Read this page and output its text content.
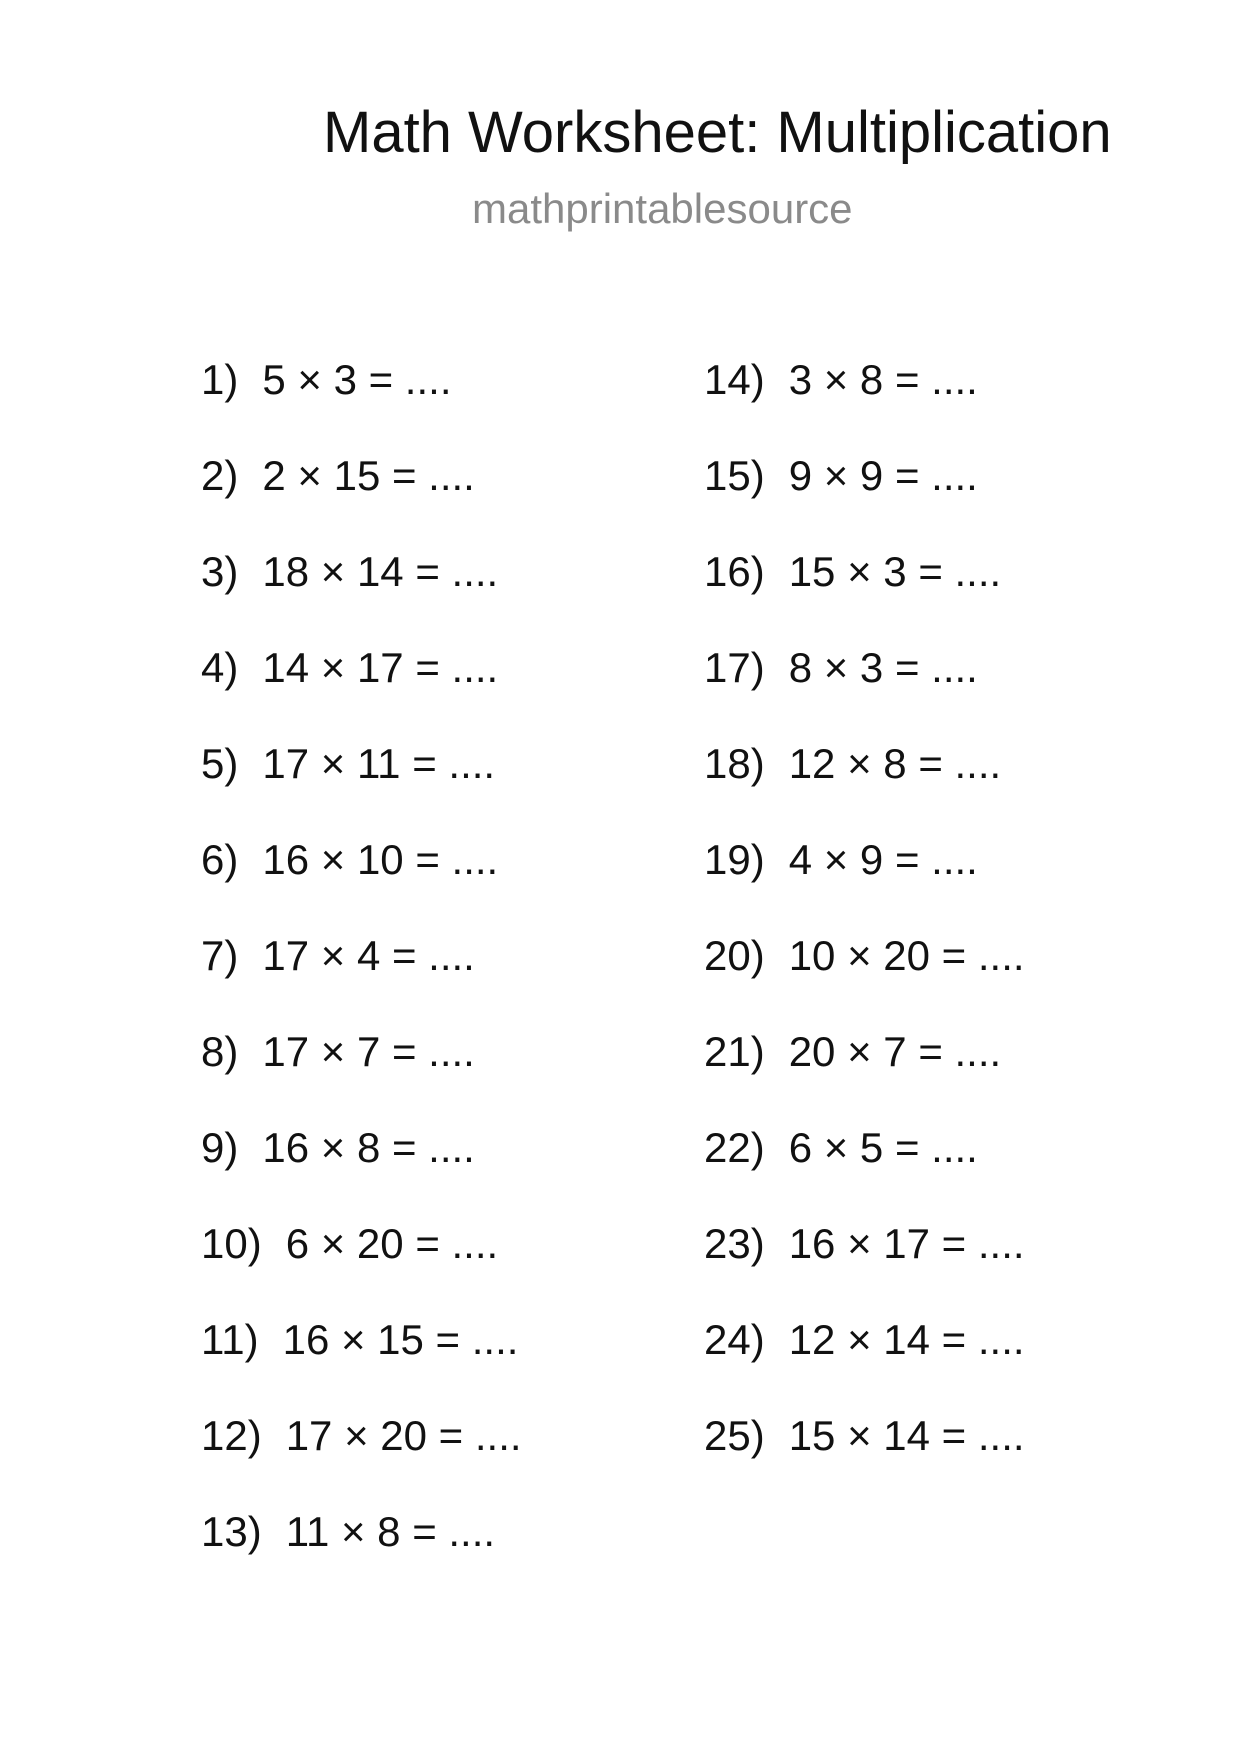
Math Worksheet: Multiplication
mathprintablesource
1) 5 × 3 = ....
2) 2 × 15 = ....
3) 18 × 14 = ....
4) 14 × 17 = ....
5) 17 × 11 = ....
6) 16 × 10 = ....
7) 17 × 4 = ....
8) 17 × 7 = ....
9) 16 × 8 = ....
10) 6 × 20 = ....
11) 16 × 15 = ....
12) 17 × 20 = ....
13) 11 × 8 = ....
14) 3 × 8 = ....
15) 9 × 9 = ....
16) 15 × 3 = ....
17) 8 × 3 = ....
18) 12 × 8 = ....
19) 4 × 9 = ....
20) 10 × 20 = ....
21) 20 × 7 = ....
22) 6 × 5 = ....
23) 16 × 17 = ....
24) 12 × 14 = ....
25) 15 × 14 = ....
